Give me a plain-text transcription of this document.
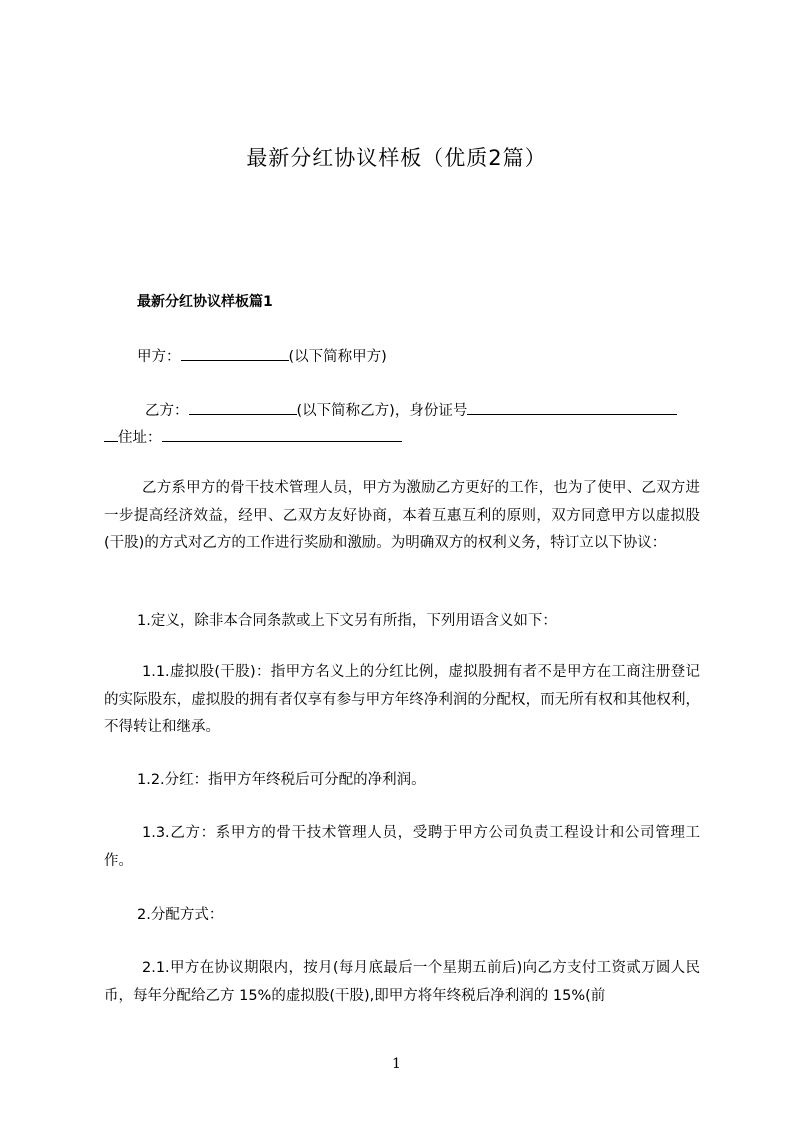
最新分红协议样板（优质2篇）
最新分红协议样板篇1
甲方：	(以下简称甲方)
乙方：	(以下简称乙方)，身份证号
住址：
乙方系甲方的骨干技术管理人员，甲方为激励乙方更好的工作，也为了使甲、乙双方进一步提高经济效益，经甲、乙双方友好协商，本着互惠互利的原则，双方同意甲方以虚拟股(干股)的方式对乙方的工作进行奖励和激励。为明确双方的权利义务，特订立以下协议：
1.定义，除非本合同条款或上下文另有所指，下列用语含义如下：
1.1.虚拟股(干股)：指甲方名义上的分红比例，虚拟股拥有者不是甲方在工商注册登记的实际股东，虚拟股的拥有者仅享有参与甲方年终净利润的分配权，而无所有权和其他权利，不得转让和继承。
1.2.分红：指甲方年终税后可分配的净利润。
1.3.乙方：系甲方的骨干技术管理人员，受聘于甲方公司负责工程设计和公司管理工作。
2.分配方式：
2.1.甲方在协议期限内，按月(每月底最后一个星期五前后)向乙方支付工资贰万圆人民币，每年分配给乙方 15%的虚拟股(干股),即甲方将年终税后净利润的 15%(前
1
